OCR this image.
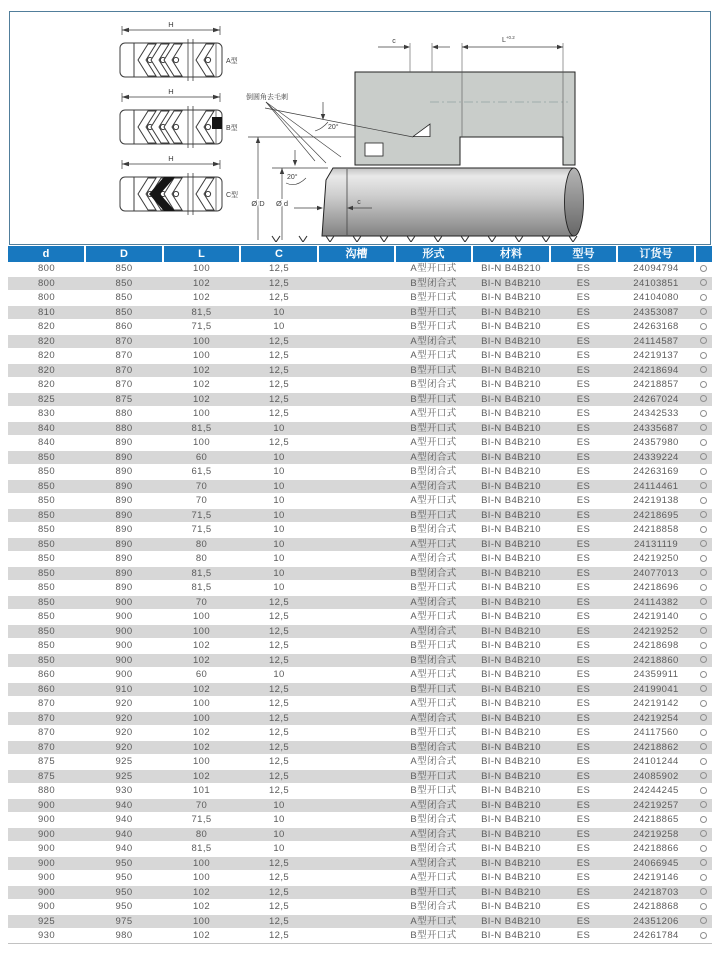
H
A型
H
B型
H
C型
c	$L^{+0.2}$
20°
Ø D Ø d
20°
c
倒圆角去毛刺
d	D	L	C	沟槽	形式	材料	型号	订货号	
800	850	100	12,5		A型开口式	BI-N B4B210	ES	24094794	
800	850	102	12,5		B型闭合式	BI-N B4B210	ES	24103851	
800	850	102	12,5		B型开口式	BI-N B4B210	ES	24104080	
810	850	81,5	10		B型开口式	BI-N B4B210	ES	24353087	
820	860	71,5	10		B型开口式	BI-N B4B210	ES	24263168	
820	870	100	12,5		A型闭合式	BI-N B4B210	ES	24114587	
820	870	100	12,5		A型开口式	BI-N B4B210	ES	24219137	
820	870	102	12,5		B型开口式	BI-N B4B210	ES	24218694	
820	870	102	12,5		B型闭合式	BI-N B4B210	ES	24218857	
825	875	102	12,5		B型开口式	BI-N B4B210	ES	24267024	
830	880	100	12,5		A型开口式	BI-N B4B210	ES	24342533	
840	880	81,5	10		B型开口式	BI-N B4B210	ES	24335687	
840	890	100	12,5		A型开口式	BI-N B4B210	ES	24357980	
850	890	60	10		A型闭合式	BI-N B4B210	ES	24339224	
850	890	61,5	10		B型闭合式	BI-N B4B210	ES	24263169	
850	890	70	10		A型闭合式	BI-N B4B210	ES	24114461	
850	890	70	10		A型开口式	BI-N B4B210	ES	24219138	
850	890	71,5	10		B型开口式	BI-N B4B210	ES	24218695	
850	890	71,5	10		B型闭合式	BI-N B4B210	ES	24218858	
850	890	80	10		A型开口式	BI-N B4B210	ES	24131119	
850	890	80	10		A型闭合式	BI-N B4B210	ES	24219250	
850	890	81,5	10		B型闭合式	BI-N B4B210	ES	24077013	
850	890	81,5	10		B型开口式	BI-N B4B210	ES	24218696	
850	900	70	12,5		A型闭合式	BI-N B4B210	ES	24114382	
850	900	100	12,5		A型开口式	BI-N B4B210	ES	24219140	
850	900	100	12,5		A型闭合式	BI-N B4B210	ES	24219252	
850	900	102	12,5		B型开口式	BI-N B4B210	ES	24218698	
850	900	102	12,5		B型闭合式	BI-N B4B210	ES	24218860	
860	900	60	10		A型开口式	BI-N B4B210	ES	24359911	
860	910	102	12,5		B型开口式	BI-N B4B210	ES	24199041	
870	920	100	12,5		A型开口式	BI-N B4B210	ES	24219142	
870	920	100	12,5		A型闭合式	BI-N B4B210	ES	24219254	
870	920	102	12,5		B型开口式	BI-N B4B210	ES	24117560	
870	920	102	12,5		B型闭合式	BI-N B4B210	ES	24218862	
875	925	100	12,5		A型闭合式	BI-N B4B210	ES	24101244	
875	925	102	12,5		B型开口式	BI-N B4B210	ES	24085902	
880	930	101	12,5		B型开口式	BI-N B4B210	ES	24244245	
900	940	70	10		A型闭合式	BI-N B4B210	ES	24219257	
900	940	71,5	10		B型闭合式	BI-N B4B210	ES	24218865	
900	940	80	10		A型闭合式	BI-N B4B210	ES	24219258	
900	940	81,5	10		B型闭合式	BI-N B4B210	ES	24218866	
900	950	100	12,5		A型闭合式	BI-N B4B210	ES	24066945	
900	950	100	12,5		A型开口式	BI-N B4B210	ES	24219146	
900	950	102	12,5		B型开口式	BI-N B4B210	ES	24218703	
900	950	102	12,5		B型闭合式	BI-N B4B210	ES	24218868	
925	975	100	12,5		A型开口式	BI-N B4B210	ES	24351206	
930	980	102	12,5		B型开口式	BI-N B4B210	ES	24261784	
